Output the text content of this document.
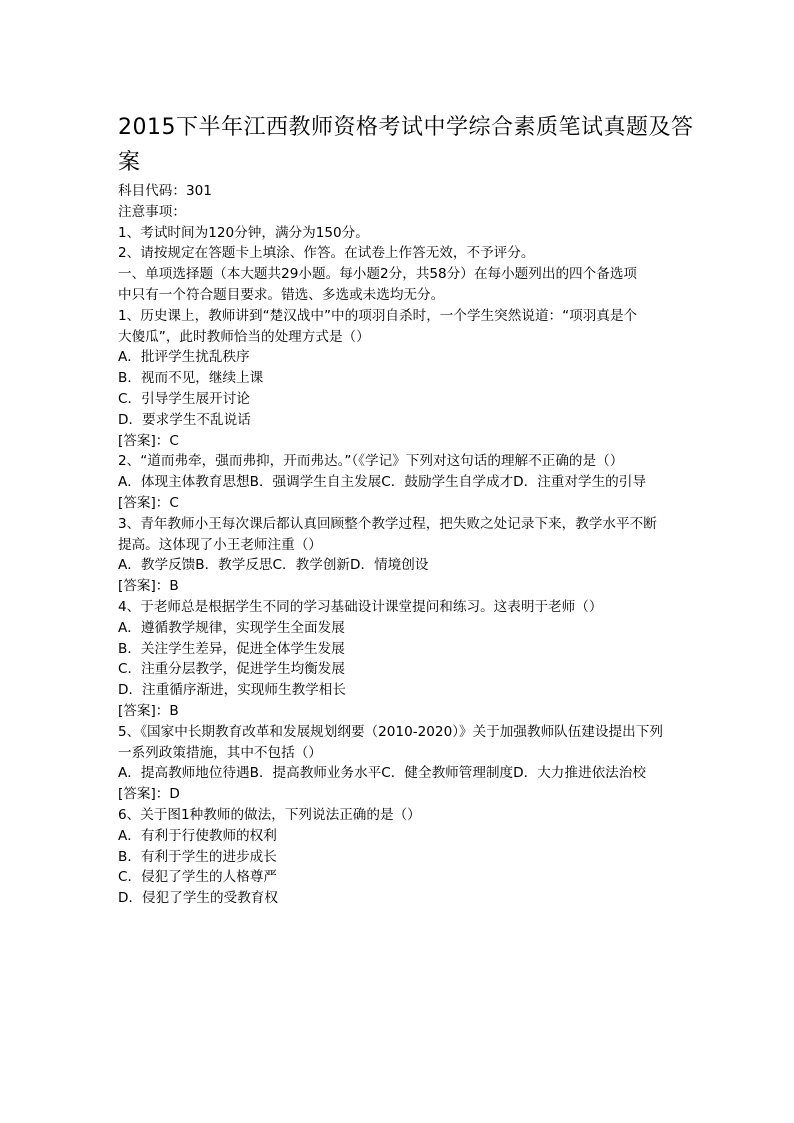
2015下半年江西教师资格考试中学综合素质笔试真题及答
案
科目代码：301
注意事项：
1、考试时间为120分钟，满分为150分。
2、请按规定在答题卡上填涂、作答。在试卷上作答无效，不予评分。
一、单项选择题（本大题共29小题。每小题2分，共58分）在每小题列出的四个备选项
中只有一个符合题目要求。错选、多选或未选均无分。
1、历史课上，教师讲到“楚汉战中”中的项羽自杀时，一个学生突然说道：“项羽真是个
大傻瓜”，此时教师恰当的处理方式是（）
A．批评学生扰乱秩序
B．视而不见，继续上课
C．引导学生展开讨论
D．要求学生不乱说话
[答案]：C
2、“道而弗牵，强而弗抑，开而弗达。”（《学记》下列对这句话的理解不正确的是（）
A．体现主体教育思想B．强调学生自主发展C．鼓励学生自学成才D．注重对学生的引导
[答案]：C
3、青年教师小王每次课后都认真回顾整个教学过程，把失败之处记录下来，教学水平不断
提高。这体现了小王老师注重（）
A．教学反馈B．教学反思C．教学创新D．情境创设
[答案]：B
4、于老师总是根据学生不同的学习基础设计课堂提问和练习。这表明于老师（）
A．遵循教学规律，实现学生全面发展
B．关注学生差异，促进全体学生发展
C．注重分层教学，促进学生均衡发展
D．注重循序渐进，实现师生教学相长
[答案]：B
5、《国家中长期教育改革和发展规划纲要（2010-2020）》关于加强教师队伍建设提出下列
一系列政策措施，其中不包括（）
A．提高教师地位待遇B．提高教师业务水平C．健全教师管理制度D．大力推进依法治校
[答案]：D
6、关于图1种教师的做法，下列说法正确的是（）
A．有利于行使教师的权利
B．有利于学生的进步成长
C．侵犯了学生的人格尊严
D．侵犯了学生的受教育权
